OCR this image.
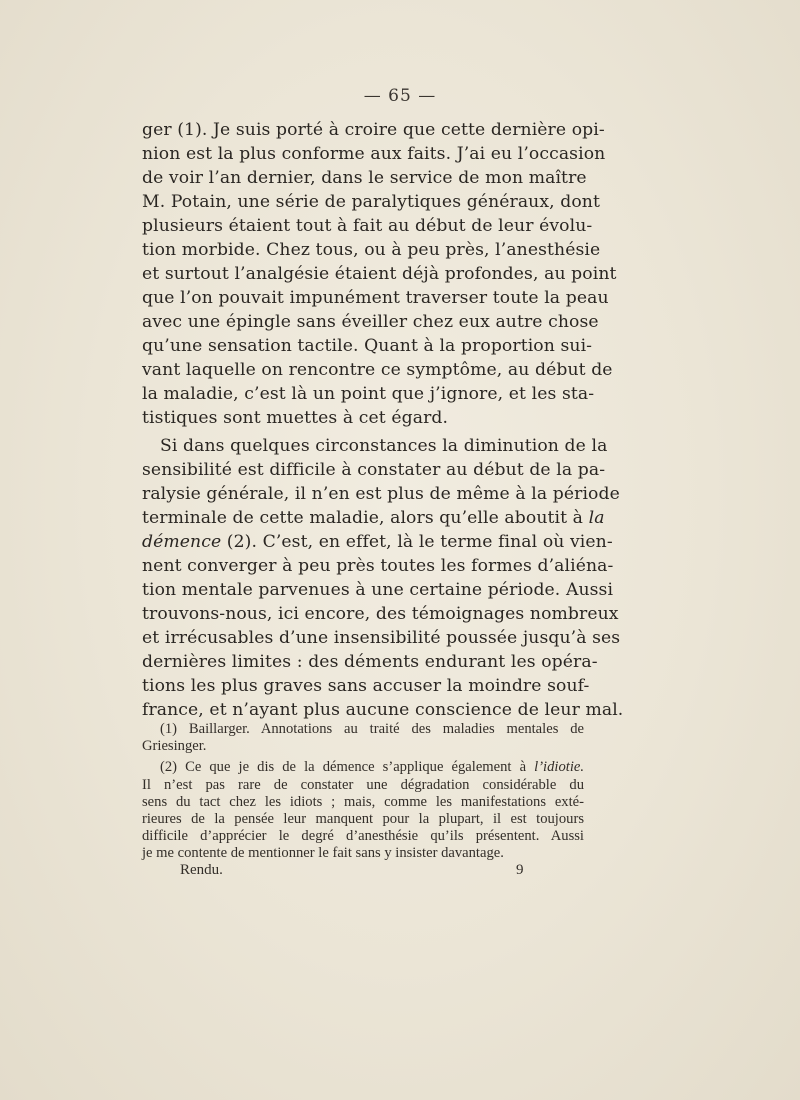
— 65 —
ger (1). Je suis porté à croire que cette dernière opi-
nion est la plus conforme aux faits. J’ai eu l’occasion
de voir l’an dernier, dans le service de mon maître
M. Potain, une série de paralytiques généraux, dont
plusieurs étaient tout à fait au début de leur évolu-
tion morbide. Chez tous, ou à peu près, l’anesthésie
et surtout l’analgésie étaient déjà profondes, au point
que l’on pouvait impunément traverser toute la peau
avec une épingle sans éveiller chez eux autre chose
qu’une sensation tactile. Quant à la proportion sui-
vant laquelle on rencontre ce symptôme, au début de
la maladie, c’est là un point que j’ignore, et les sta-
tistiques sont muettes à cet égard.
Si dans quelques circonstances la diminution de la
sensibilité est difficile à constater au début de la pa-
ralysie générale, il n’en est plus de même à la période
terminale de cette maladie, alors qu’elle aboutit à la
démence (2). C’est, en effet, là le terme final où vien-
nent converger à peu près toutes les formes d’aliéna-
tion mentale parvenues à une certaine période. Aussi
trouvons-nous, ici encore, des témoignages nombreux
et irrécusables d’une insensibilité poussée jusqu’à ses
dernières limites : des déments endurant les opéra-
tions les plus graves sans accuser la moindre souf-
france, et n’ayant plus aucune conscience de leur mal.
(1) Baillarger. Annotations au traité des maladies mentales de
Griesinger.
(2) Ce que je dis de la démence s’applique également à l’idiotie.
Il n’est pas rare de constater une dégradation considérable du
sens du tact chez les idiots ; mais, comme les manifestations exté-
rieures de la pensée leur manquent pour la plupart, il est toujours
difficile d’apprécier le degré d’anesthésie qu’ils présentent. Aussi
je me contente de mentionner le fait sans y insister davantage.
Rendu.	9
